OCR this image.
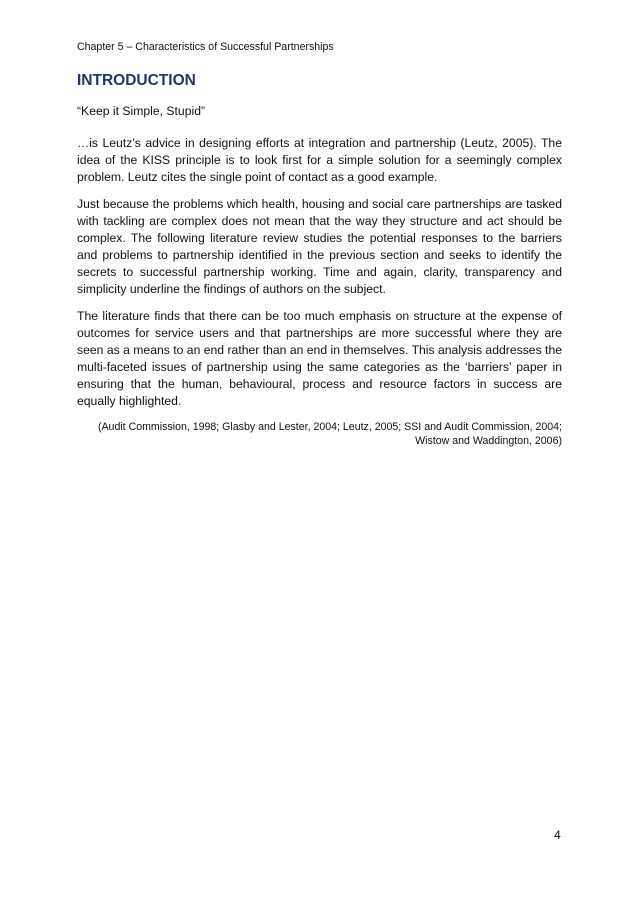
Chapter 5 – Characteristics of Successful Partnerships
INTRODUCTION
“Keep it Simple, Stupid”

…is Leutz’s advice in designing efforts at integration and partnership (Leutz, 2005). The idea of the KISS principle is to look first for a simple solution for a seemingly complex problem. Leutz cites the single point of contact as a good example.

Just because the problems which health, housing and social care partnerships are tasked with tackling are complex does not mean that the way they structure and act should be complex. The following literature review studies the potential responses to the barriers and problems to partnership identified in the previous section and seeks to identify the secrets to successful partnership working. Time and again, clarity, transparency and simplicity underline the findings of authors on the subject.

The literature finds that there can be too much emphasis on structure at the expense of outcomes for service users and that partnerships are more successful where they are seen as a means to an end rather than an end in themselves. This analysis addresses the multi-faceted issues of partnership using the same categories as the ‘barriers’ paper in ensuring that the human, behavioural, process and resource factors in success are equally highlighted.

(Audit Commission, 1998; Glasby and Lester, 2004; Leutz, 2005; SSI and Audit Commission, 2004; Wistow and Waddington, 2006)

4
